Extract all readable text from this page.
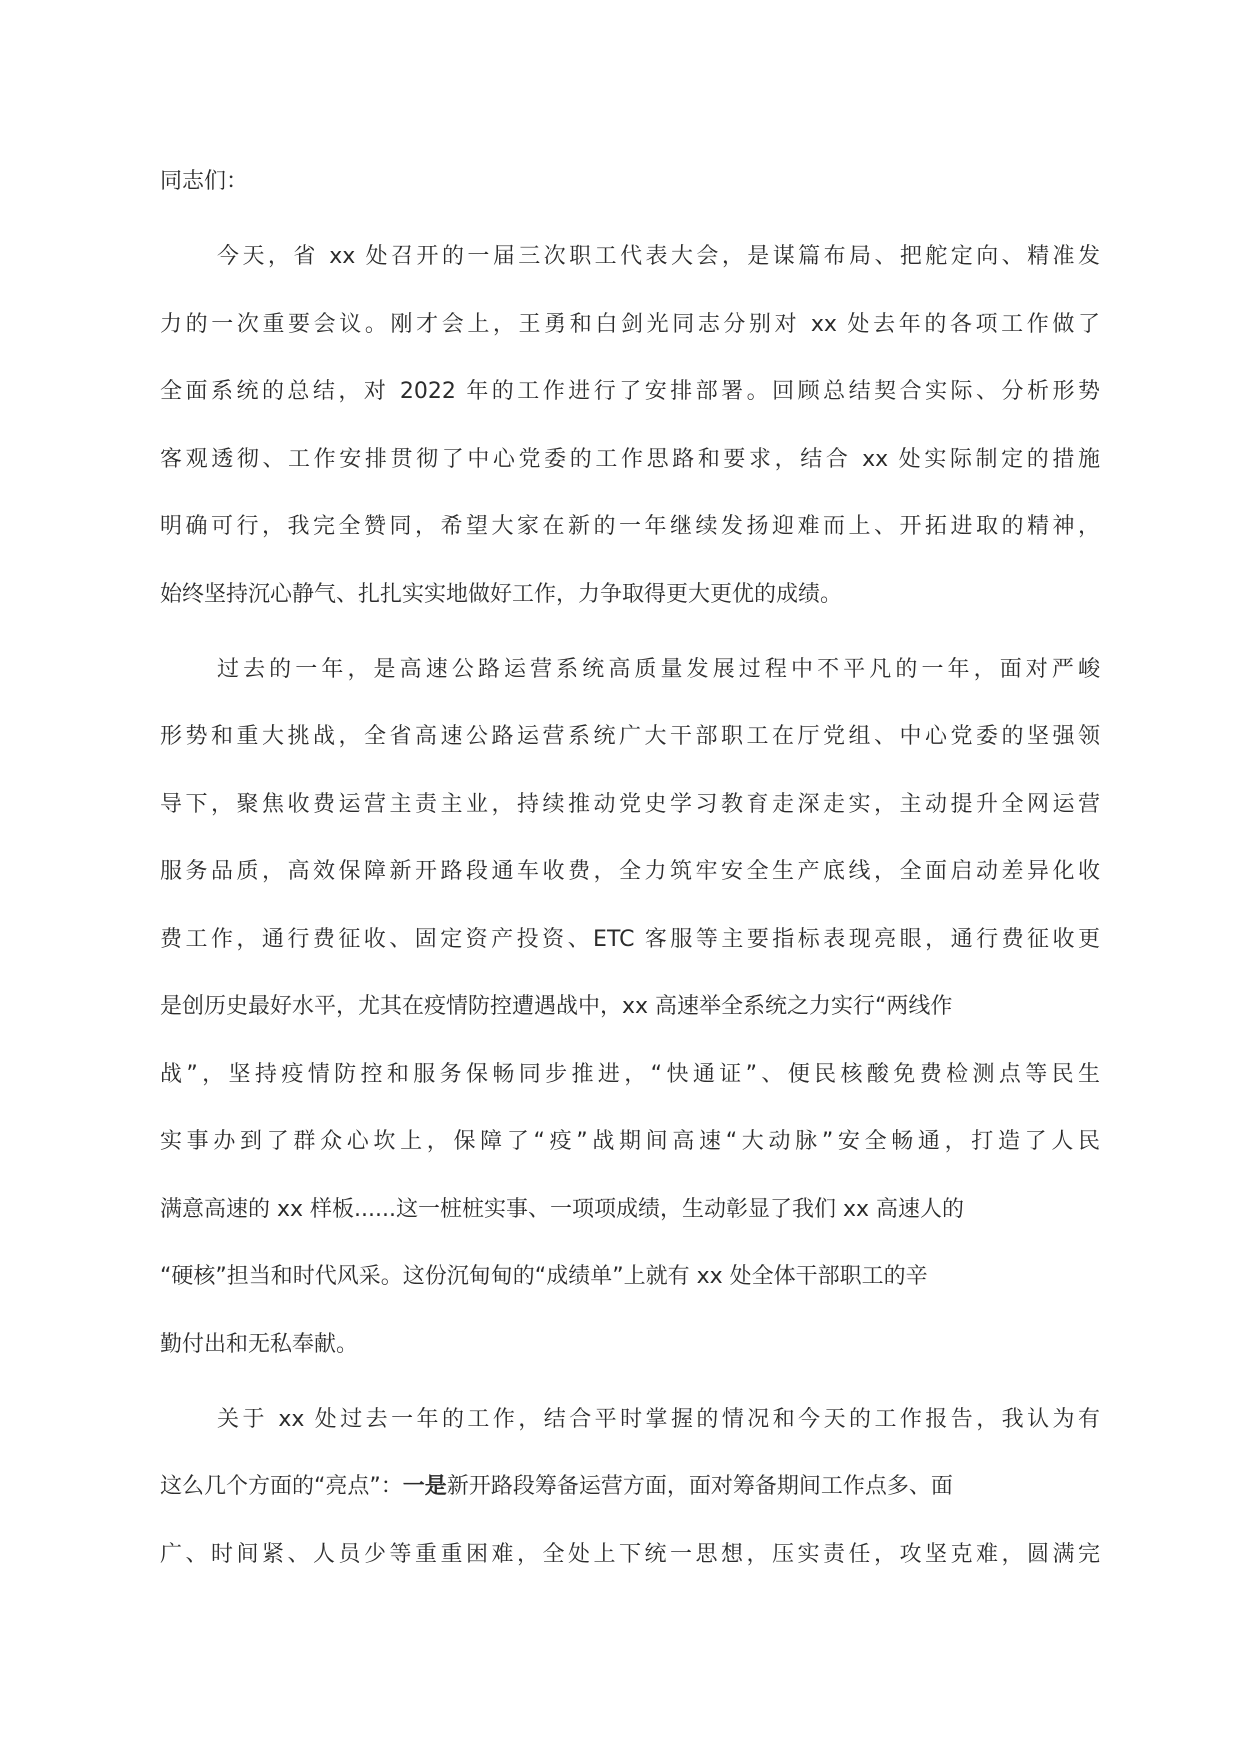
同志们：
今天，省 xx 处召开的一届三次职工代表大会，是谋篇布局、把舵定向、精准发
力的一次重要会议。刚才会上，王勇和白剑光同志分别对 xx 处去年的各项工作做了
全面系统的总结，对 2022 年的工作进行了安排部署。回顾总结契合实际、分析形势
客观透彻、工作安排贯彻了中心党委的工作思路和要求，结合 xx 处实际制定的措施
明确可行，我完全赞同，希望大家在新的一年继续发扬迎难而上、开拓进取的精神，
始终坚持沉心静气、扎扎实实地做好工作，力争取得更大更优的成绩。
过去的一年，是高速公路运营系统高质量发展过程中不平凡的一年，面对严峻
形势和重大挑战，全省高速公路运营系统广大干部职工在厅党组、中心党委的坚强领
导下，聚焦收费运营主责主业，持续推动党史学习教育走深走实，主动提升全网运营
服务品质，高效保障新开路段通车收费，全力筑牢安全生产底线，全面启动差异化收
费工作，通行费征收、固定资产投资、ETC 客服等主要指标表现亮眼，通行费征收更
是创历史最好水平，尤其在疫情防控遭遇战中，xx 高速举全系统之力实行“两线作
战”，坚持疫情防控和服务保畅同步推进，“快通证”、便民核酸免费检测点等民生
实事办到了群众心坎上，保障了“疫”战期间高速“大动脉”安全畅通，打造了人民
满意高速的 xx 样板......这一桩桩实事、一项项成绩，生动彰显了我们 xx 高速人的
“硬核”担当和时代风采。这份沉甸甸的“成绩单”上就有 xx 处全体干部职工的辛
勤付出和无私奉献。
关于 xx 处过去一年的工作，结合平时掌握的情况和今天的工作报告，我认为有
这么几个方面的“亮点”：一是新开路段筹备运营方面，面对筹备期间工作点多、面
广、时间紧、人员少等重重困难，全处上下统一思想，压实责任，攻坚克难，圆满完
